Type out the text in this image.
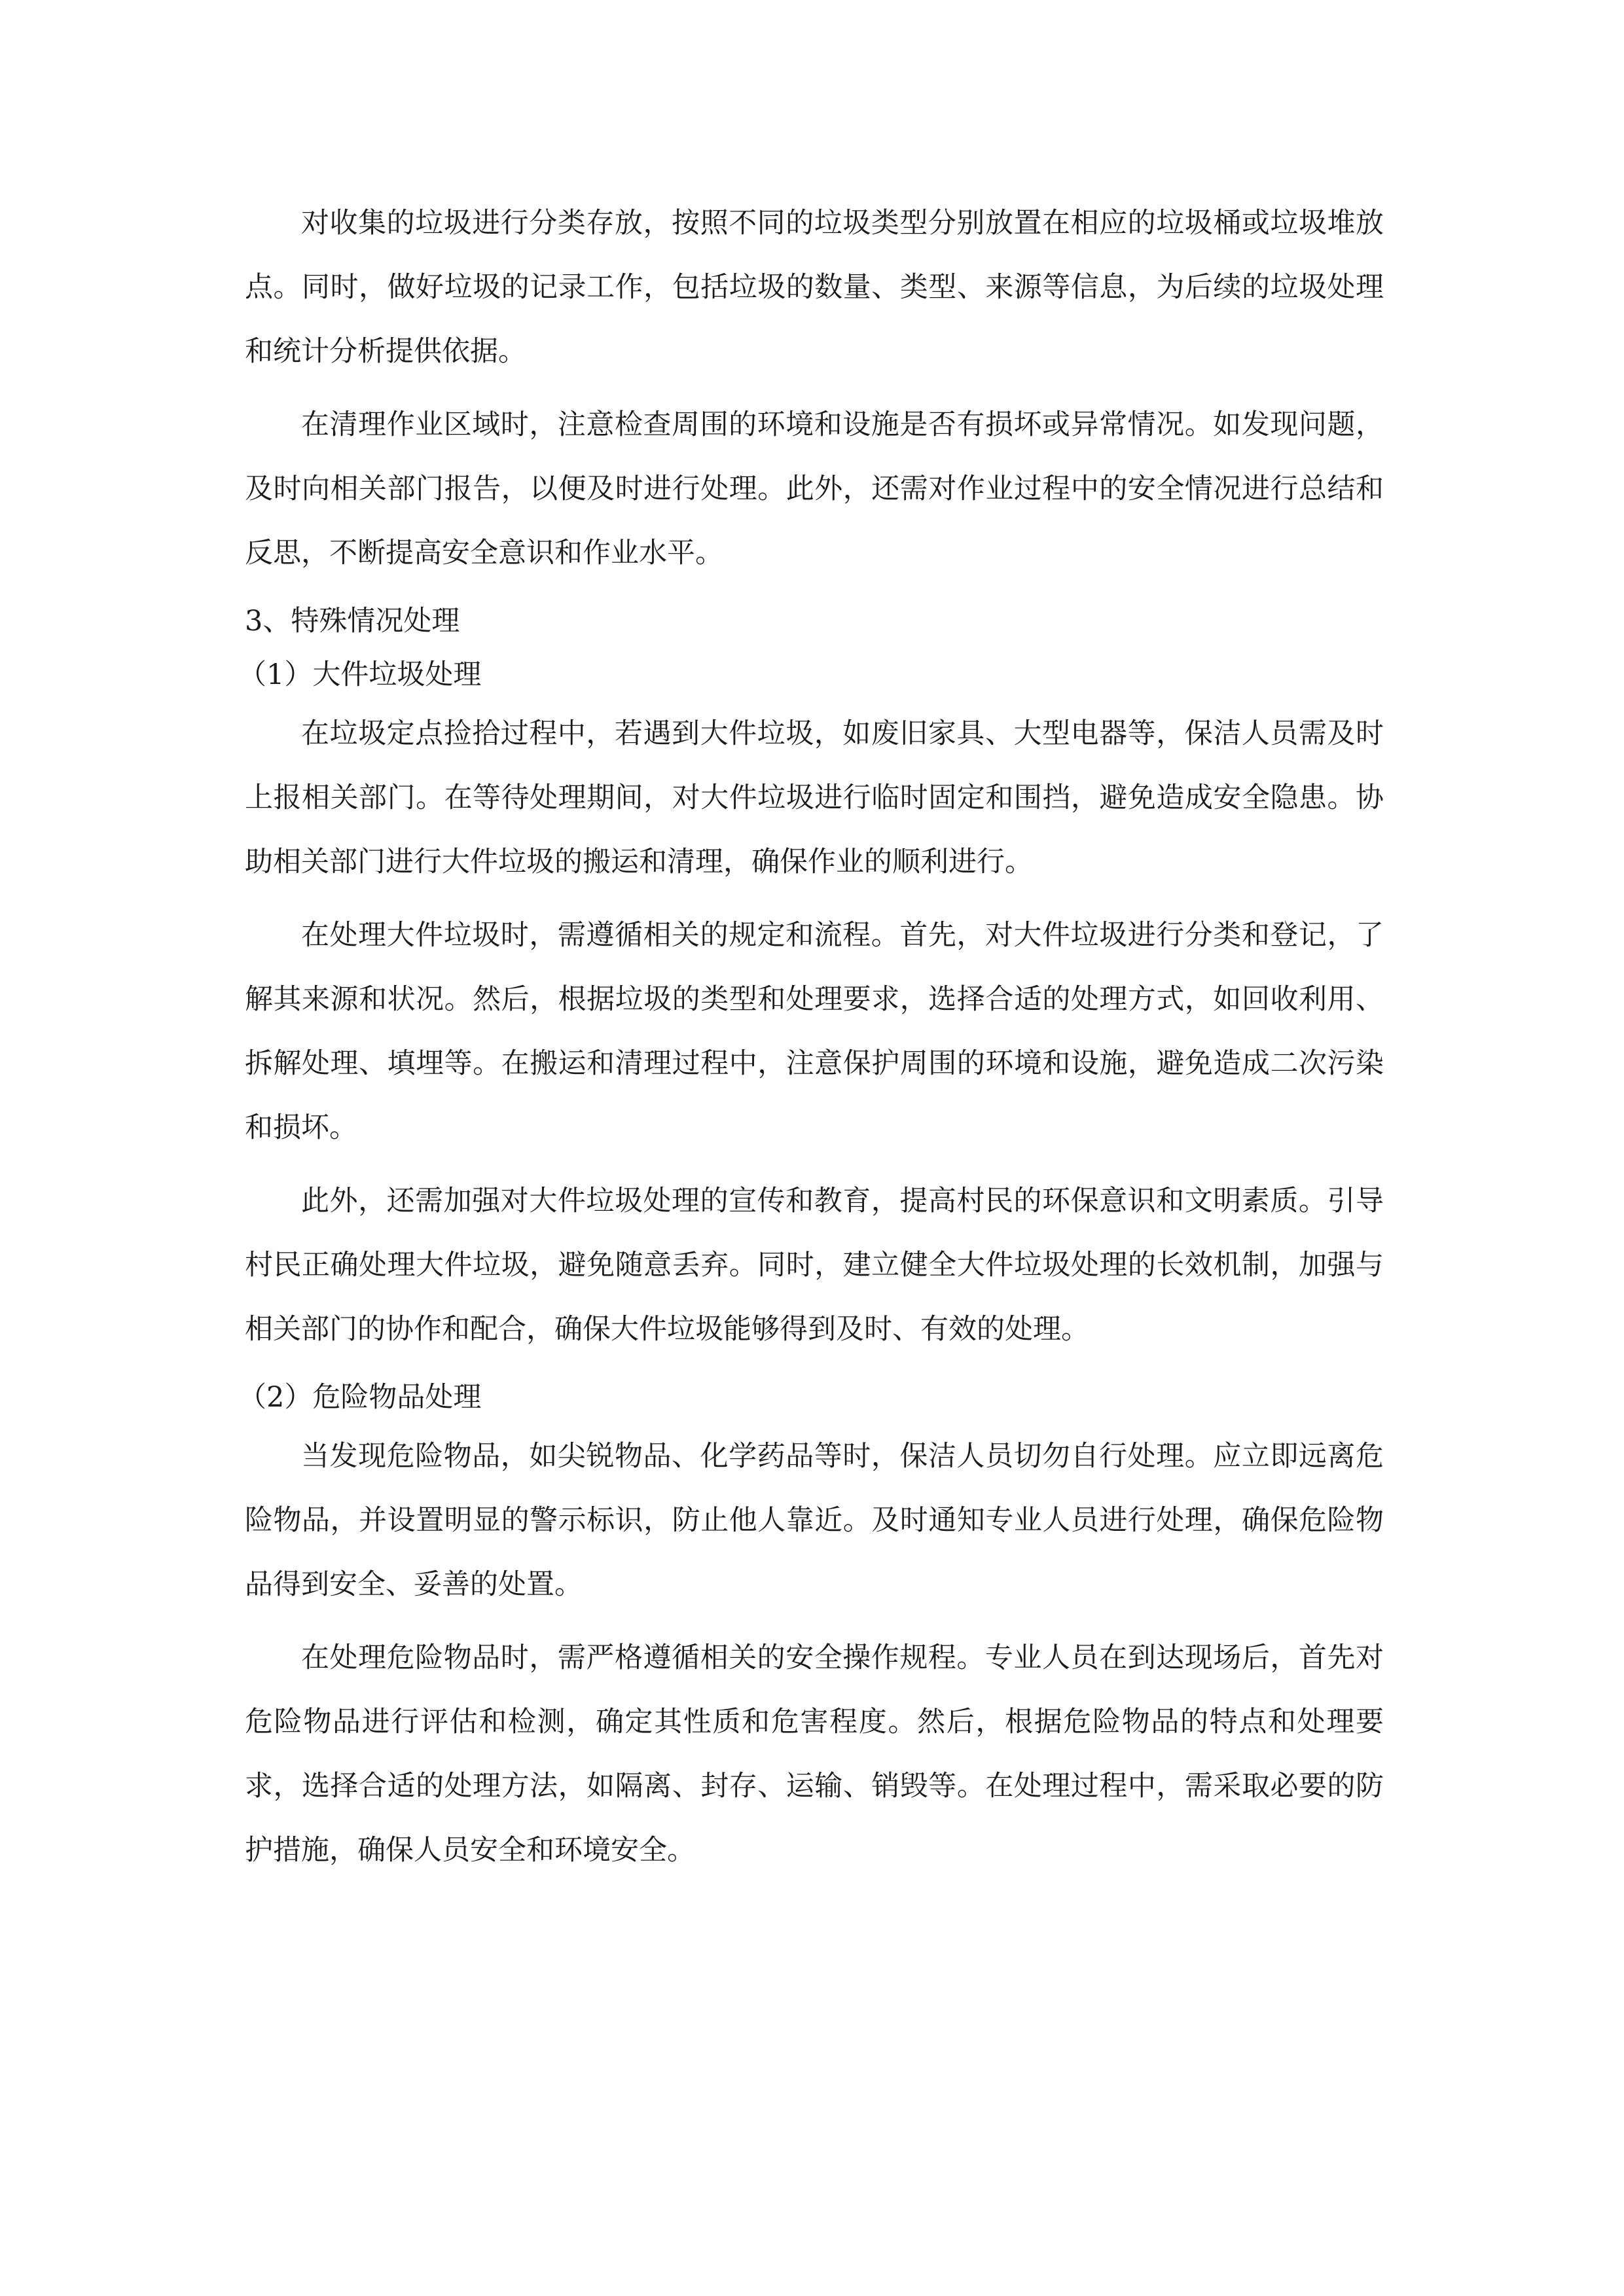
对收集的垃圾进行分类存放，按照不同的垃圾类型分别放置在相应的垃圾桶或垃圾堆放点。同时，做好垃圾的记录工作，包括垃圾的数量、类型、来源等信息，为后续的垃圾处理和统计分析提供依据。

在清理作业区域时，注意检查周围的环境和设施是否有损坏或异常情况。如发现问题，及时向相关部门报告，以便及时进行处理。此外，还需对作业过程中的安全情况进行总结和反思，不断提高安全意识和作业水平。

3、特殊情况处理

（1）大件垃圾处理

在垃圾定点捡拾过程中，若遇到大件垃圾，如废旧家具、大型电器等，保洁人员需及时上报相关部门。在等待处理期间，对大件垃圾进行临时固定和围挡，避免造成安全隐患。协助相关部门进行大件垃圾的搬运和清理，确保作业的顺利进行。

在处理大件垃圾时，需遵循相关的规定和流程。首先，对大件垃圾进行分类和登记，了解其来源和状况。然后，根据垃圾的类型和处理要求，选择合适的处理方式，如回收利用、拆解处理、填埋等。在搬运和清理过程中，注意保护周围的环境和设施，避免造成二次污染和损坏。

此外，还需加强对大件垃圾处理的宣传和教育，提高村民的环保意识和文明素质。引导村民正确处理大件垃圾，避免随意丢弃。同时，建立健全大件垃圾处理的长效机制，加强与相关部门的协作和配合，确保大件垃圾能够得到及时、有效的处理。

（2）危险物品处理

当发现危险物品，如尖锐物品、化学药品等时，保洁人员切勿自行处理。应立即远离危险物品，并设置明显的警示标识，防止他人靠近。及时通知专业人员进行处理，确保危险物品得到安全、妥善的处置。

在处理危险物品时，需严格遵循相关的安全操作规程。专业人员在到达现场后，首先对危险物品进行评估和检测，确定其性质和危害程度。然后，根据危险物品的特点和处理要求，选择合适的处理方法，如隔离、封存、运输、销毁等。在处理过程中，需采取必要的防护措施，确保人员安全和环境安全。
